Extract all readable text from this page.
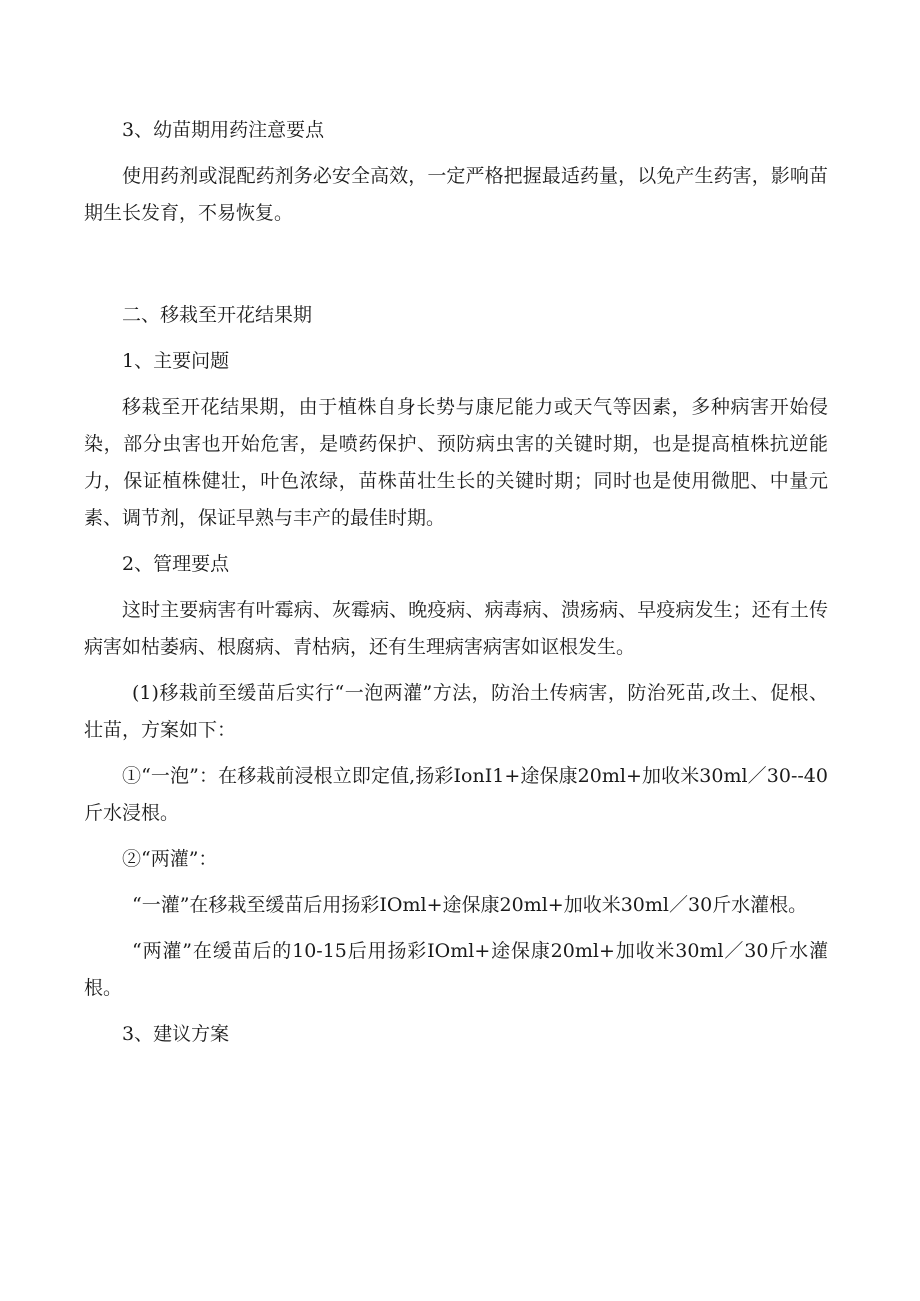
3、幼苗期用药注意要点

使用药剂或混配药剂务必安全高效，一定严格把握最适药量，以免产生药害，影响苗期生长发育，不易恢复。

二、移栽至开花结果期

1、主要问题

移栽至开花结果期，由于植株自身长势与康尼能力或天气等因素，多种病害开始侵染，部分虫害也开始危害，是喷药保护、预防病虫害的关键时期，也是提高植株抗逆能力，保证植株健壮，叶色浓绿，苗株苗壮生长的关键时期；同时也是使用微肥、中量元素、调节剂，保证早熟与丰产的最佳时期。

2、管理要点

这时主要病害有叶霉病、灰霉病、晚疫病、病毒病、溃疡病、早疫病发生；还有土传病害如枯萎病、根腐病、青枯病，还有生理病害病害如讴根发生。

(1)移栽前至缓苗后实行“一泡两灌”方法，防治土传病害，防治死苗,改土、促根、壮苗，方案如下：

①“一泡”：在移栽前浸根立即定值,扬彩IonI1+途保康20ml+加收米30ml／30--40斤水浸根。

②“两灌”：

“一灌”在移栽至缓苗后用扬彩IOml+途保康20ml+加收米30ml／30斤水灌根。

“两灌”在缓苗后的10-15后用扬彩IOml+途保康20ml+加收米30ml／30斤水灌根。

3、建议方案
